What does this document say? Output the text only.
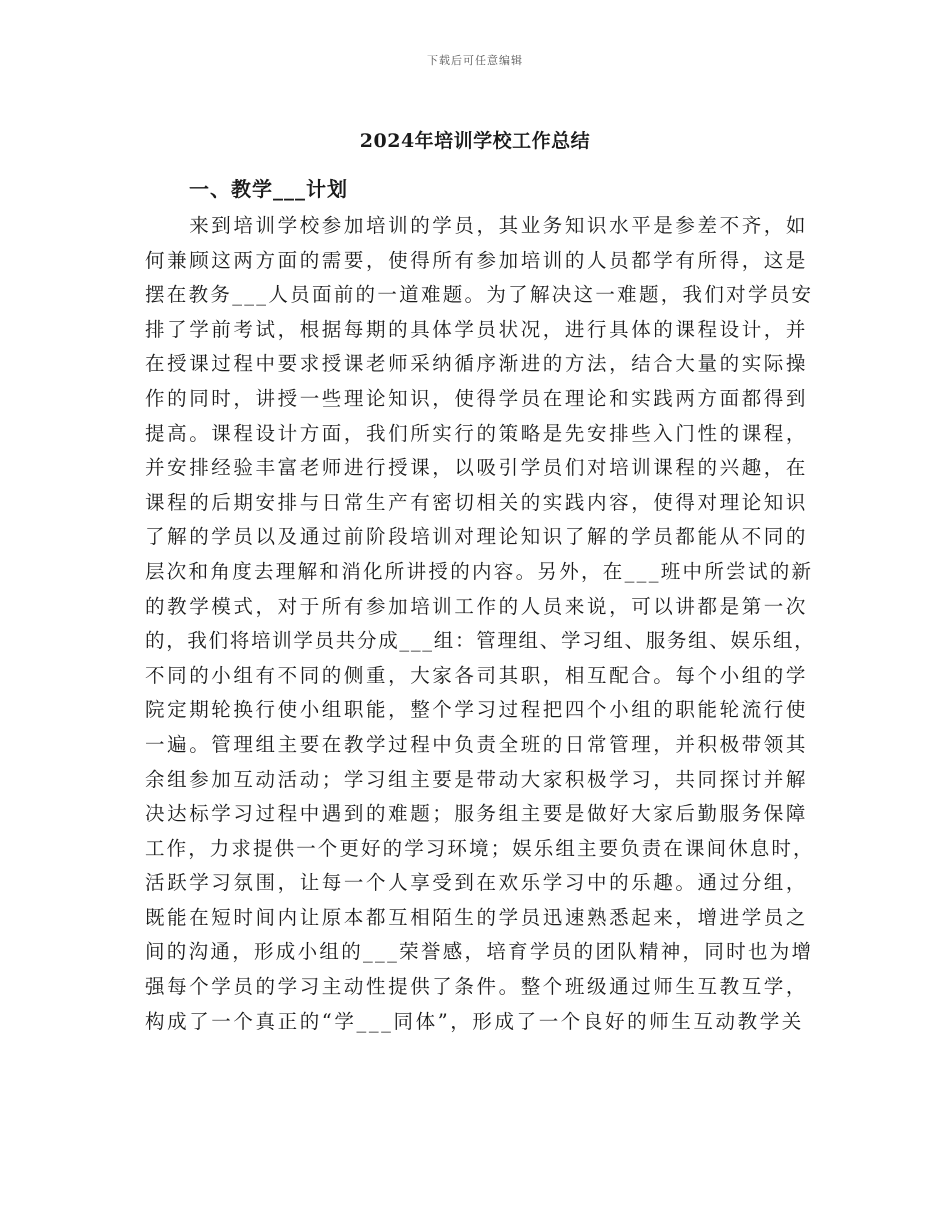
下载后可任意编辑
2024年培训学校工作总结
一、教学___计划
　　来到培训学校参加培训的学员，其业务知识水平是参差不齐，如
何兼顾这两方面的需要，使得所有参加培训的人员都学有所得，这是
摆在教务___人员面前的一道难题。为了解决这一难题，我们对学员安
排了学前考试，根据每期的具体学员状况，进行具体的课程设计，并
在授课过程中要求授课老师采纳循序渐进的方法，结合大量的实际操
作的同时，讲授一些理论知识，使得学员在理论和实践两方面都得到
提高。课程设计方面，我们所实行的策略是先安排些入门性的课程，
并安排经验丰富老师进行授课，以吸引学员们对培训课程的兴趣，在
课程的后期安排与日常生产有密切相关的实践内容，使得对理论知识
了解的学员以及通过前阶段培训对理论知识了解的学员都能从不同的
层次和角度去理解和消化所讲授的内容。另外，在___班中所尝试的新
的教学模式，对于所有参加培训工作的人员来说，可以讲都是第一次
的，我们将培训学员共分成___组：管理组、学习组、服务组、娱乐组，
不同的小组有不同的侧重，大家各司其职，相互配合。每个小组的学
院定期轮换行使小组职能，整个学习过程把四个小组的职能轮流行使
一遍。管理组主要在教学过程中负责全班的日常管理，并积极带领其
余组参加互动活动；学习组主要是带动大家积极学习，共同探讨并解
决达标学习过程中遇到的难题；服务组主要是做好大家后勤服务保障
工作，力求提供一个更好的学习环境；娱乐组主要负责在课间休息时，
活跃学习氛围，让每一个人享受到在欢乐学习中的乐趣。通过分组，
既能在短时间内让原本都互相陌生的学员迅速熟悉起来，增进学员之
间的沟通，形成小组的___荣誉感，培育学员的团队精神，同时也为增
强每个学员的学习主动性提供了条件。整个班级通过师生互教互学，
构成了一个真正的“学___同体”，形成了一个良好的师生互动教学关
